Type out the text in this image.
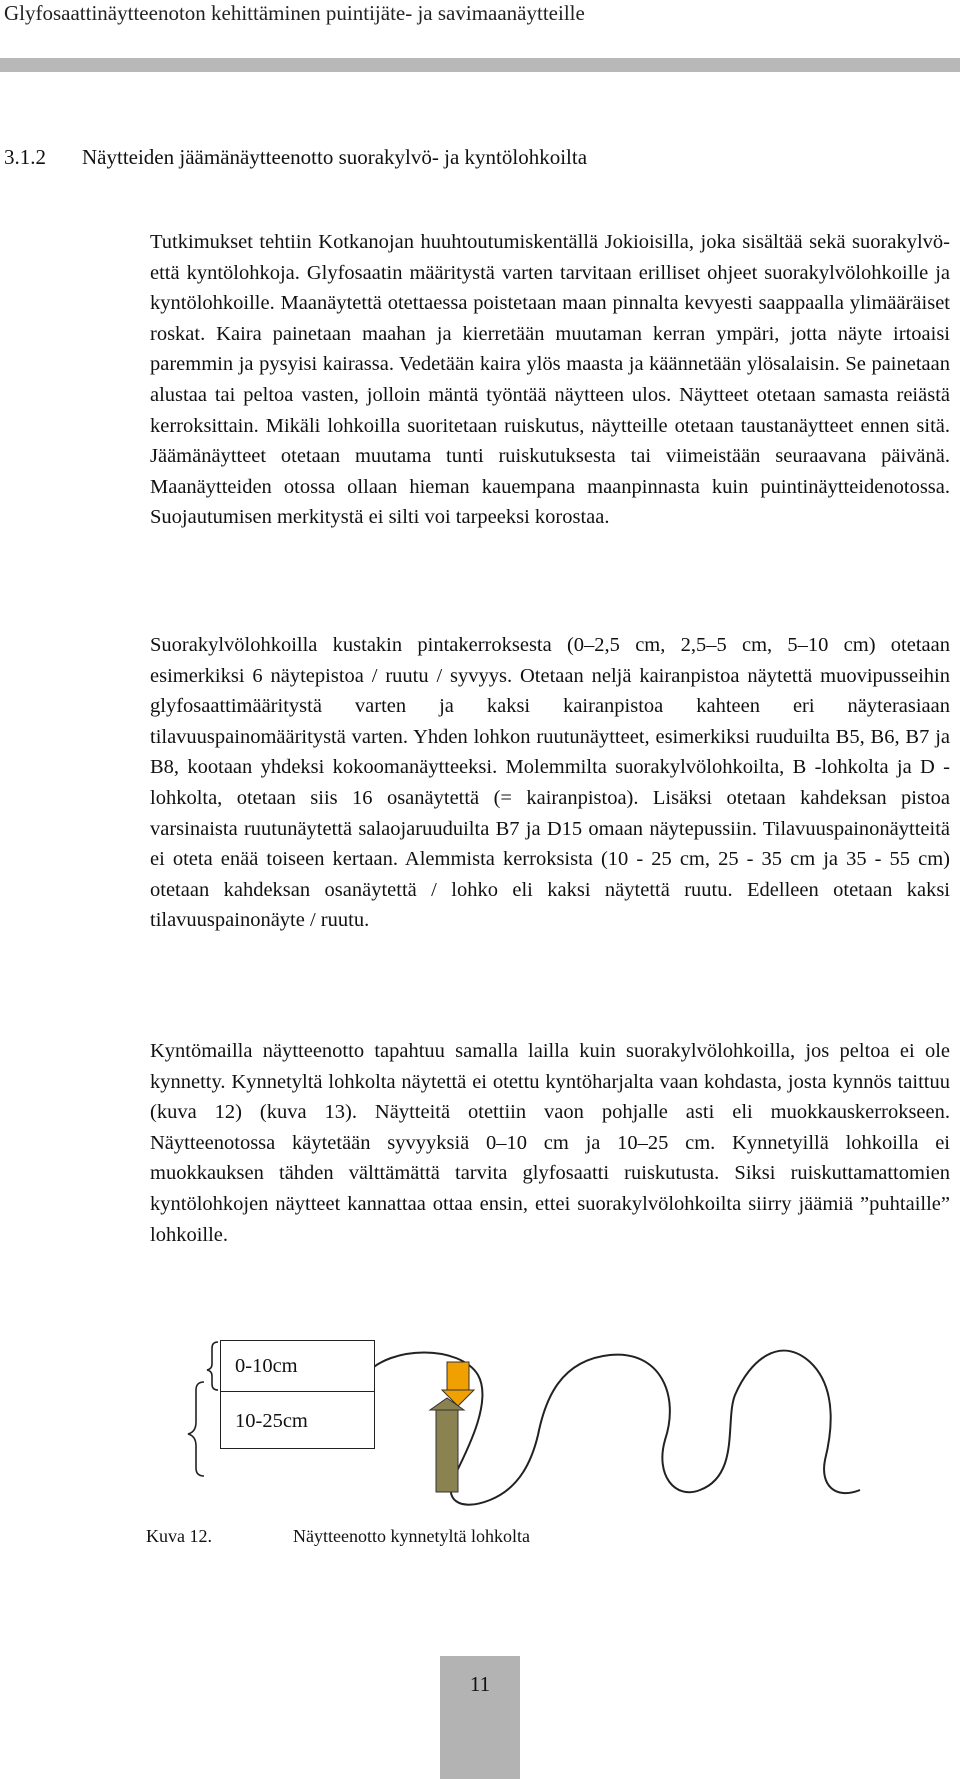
Glyfosaattinäytteenoton kehittäminen puintijäte- ja savimaanäytteille
3.1.2 Näytteiden jäämänäytteenotto suorakylvö- ja kyntölohkoilta

Tutkimukset tehtiin Kotkanojan huuhtoutumiskentällä Jokioisilla, joka sisältää sekä suorakylvö- että kyntölohkoja. Glyfosaatin määritystä varten tarvitaan erilliset ohjeet suorakylvölohkoille ja kyntölohkoille. Maanäytettä otettaessa poistetaan maan pinnalta kevyesti saappaalla ylimääräiset roskat. Kaira painetaan maahan ja kierretään muutaman kerran ympäri, jotta näyte irtoaisi paremmin ja pysyisi kairassa. Vedetään kaira ylös maasta ja käännetään ylösalaisin. Se painetaan alustaa tai peltoa vasten, jolloin mäntä työntää näytteen ulos. Näytteet otetaan samasta reiästä kerroksittain. Mikäli lohkoilla suoritetaan ruiskutus, näytteille otetaan taustanäytteet ennen sitä. Jäämänäytteet otetaan muutama tunti ruiskutuksesta tai viimeistään seuraavana päivänä. Maanäytteiden otossa ollaan hieman kauempana maanpinnasta kuin puintinäytteidenotossa. Suojautumisen merkitystä ei silti voi tarpeeksi korostaa.

Suorakylvölohkoilla kustakin pintakerroksesta (0–2,5 cm, 2,5–5 cm, 5–10 cm) otetaan esimerkiksi 6 näytepistoa / ruutu / syvyys. Otetaan neljä kairanpistoa näytettä muovipusseihin glyfosaattimääritystä varten ja kaksi kairanpistoa kahteen eri näyterasiaan tilavuuspainomääritystä varten. Yhden lohkon ruutunäytteet, esimerkiksi ruuduilta B5, B6, B7 ja B8, kootaan yhdeksi kokoomanäytteeksi. Molemmilta suorakylvölohkoilta, B -lohkolta ja D -lohkolta, otetaan siis 16 osanäytettä (= kairanpistoa). Lisäksi otetaan kahdeksan pistoa varsinaista ruutunäytettä salaojaruuduilta B7 ja D15 omaan näytepussiin. Tilavuuspainonäytteitä ei oteta enää toiseen kertaan. Alemmista kerroksista (10 - 25 cm, 25 - 35 cm ja 35 - 55 cm) otetaan kahdeksan osanäytettä / lohko eli kaksi näytettä ruutu. Edelleen otetaan kaksi tilavuuspainonäyte / ruutu.

Kyntömailla näytteenotto tapahtuu samalla lailla kuin suorakylvölohkoilla, jos peltoa ei ole kynnetty. Kynnetyltä lohkolta näytettä ei otettu kyntöharjalta vaan kohdasta, josta kynnös taittuu (kuva 12) (kuva 13). Näytteitä otettiin vaon pohjalle asti eli muokkauskerrokseen. Näytteenotossa käytetään syvyyksiä 0–10 cm ja 10–25 cm. Kynnetyillä lohkoilla ei muokkauksen tähden välttämättä tarvita glyfosaatti ruiskutusta. Siksi ruiskuttamattomien kyntölohkojen näytteet kannattaa ottaa ensin, ettei suorakylvölohkoilta siirry jäämiä ”puhtaille” lohkoille.

0-10cm
10-25cm
Kuva 12.	Näytteenotto kynnetyltä lohkolta
11
